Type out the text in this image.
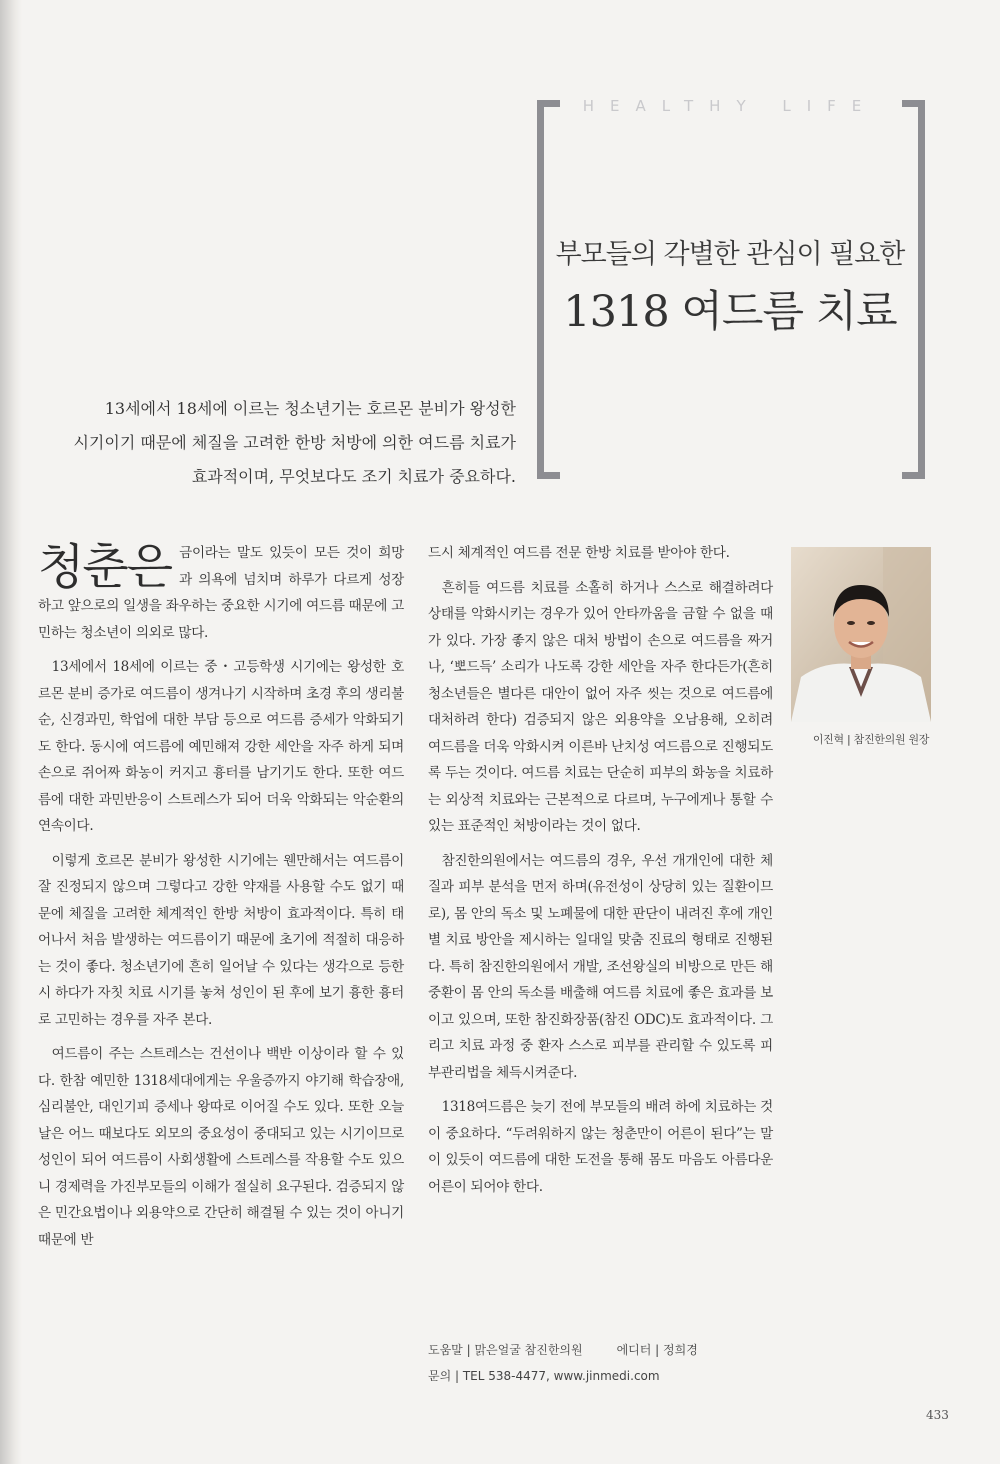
HEALTHY LIFE
부모들의 각별한 관심이 필요한
1318 여드름 치료
13세에서 18세에 이르는 청소년기는 호르몬 분비가 왕성한
시기이기 때문에 체질을 고려한 한방 처방에 의한 여드름 치료가
효과적이며, 무엇보다도 조기 치료가 중요하다.

청춘은 금이라는 말도 있듯이 모든 것이 희망과 의욕에 넘치며 하루가 다르게 성장하고 앞으로의 일생을 좌우하는 중요한 시기에 여드름 때문에 고민하는 청소년이 의외로 많다.

13세에서 18세에 이르는 중・고등학생 시기에는 왕성한 호르몬 분비 증가로 여드름이 생겨나기 시작하며 초경 후의 생리불순, 신경과민, 학업에 대한 부담 등으로 여드름 증세가 악화되기도 한다. 동시에 여드름에 예민해져 강한 세안을 자주 하게 되며 손으로 쥐어짜 화농이 커지고 흉터를 남기기도 한다. 또한 여드름에 대한 과민반응이 스트레스가 되어 더욱 악화되는 악순환의 연속이다.

이렇게 호르몬 분비가 왕성한 시기에는 웬만해서는 여드름이 잘 진정되지 않으며 그렇다고 강한 약재를 사용할 수도 없기 때문에 체질을 고려한 체계적인 한방 처방이 효과적이다. 특히 태어나서 처음 발생하는 여드름이기 때문에 초기에 적절히 대응하는 것이 좋다. 청소년기에 흔히 일어날 수 있다는 생각으로 등한시 하다가 자칫 치료 시기를 놓쳐 성인이 된 후에 보기 흉한 흉터로 고민하는 경우를 자주 본다.

여드름이 주는 스트레스는 건선이나 백반 이상이라 할 수 있다. 한참 예민한 1318세대에게는 우울증까지 야기해 학습장애, 심리불안, 대인기피 증세나 왕따로 이어질 수도 있다. 또한 오늘날은 어느 때보다도 외모의 중요성이 중대되고 있는 시기이므로 성인이 되어 여드름이 사회생활에 스트레스를 작용할 수도 있으니 경제력을 가진부모들의 이해가 절실히 요구된다. 검증되지 않은 민간요법이나 외용약으로 간단히 해결될 수 있는 것이 아니기 때문에 반

드시 체계적인 여드름 전문 한방 치료를 받아야 한다.

흔히들 여드름 치료를 소홀히 하거나 스스로 해결하려다 상태를 악화시키는 경우가 있어 안타까움을 금할 수 없을 때가 있다. 가장 좋지 않은 대처 방법이 손으로 여드름을 짜거나, ‘뽀드득’ 소리가 나도록 강한 세안을 자주 한다든가(흔히 청소년들은 별다른 대안이 없어 자주 씻는 것으로 여드름에 대처하려 한다) 검증되지 않은 외용약을 오남용해, 오히려 여드름을 더욱 악화시켜 이른바 난치성 여드름으로 진행되도록 두는 것이다. 여드름 치료는 단순히 피부의 화농을 치료하는 외상적 치료와는 근본적으로 다르며, 누구에게나 통할 수 있는 표준적인 처방이라는 것이 없다.

참진한의원에서는 여드름의 경우, 우선 개개인에 대한 체질과 피부 분석을 먼저 하며(유전성이 상당히 있는 질환이므로), 몸 안의 독소 및 노폐물에 대한 판단이 내려진 후에 개인별 치료 방안을 제시하는 일대일 맞춤 진료의 형태로 진행된다. 특히 참진한의원에서 개발, 조선왕실의 비방으로 만든 해중환이 몸 안의 독소를 배출해 여드름 치료에 좋은 효과를 보이고 있으며, 또한 참진화장품(참진 ODC)도 효과적이다. 그리고 치료 과정 중 환자 스스로 피부를 관리할 수 있도록 피부관리법을 체득시켜준다.

1318여드름은 늦기 전에 부모들의 배려 하에 치료하는 것이 중요하다. “두려워하지 않는 청춘만이 어른이 된다”는 말이 있듯이 여드름에 대한 도전을 통해 몸도 마음도 아름다운 어른이 되어야 한다.

이진혁 | 참진한의원 원장
도움말 | 맑은얼굴 참진한의원	에디터 | 정희경
문의 | TEL 538-4477, www.jinmedi.com
433
